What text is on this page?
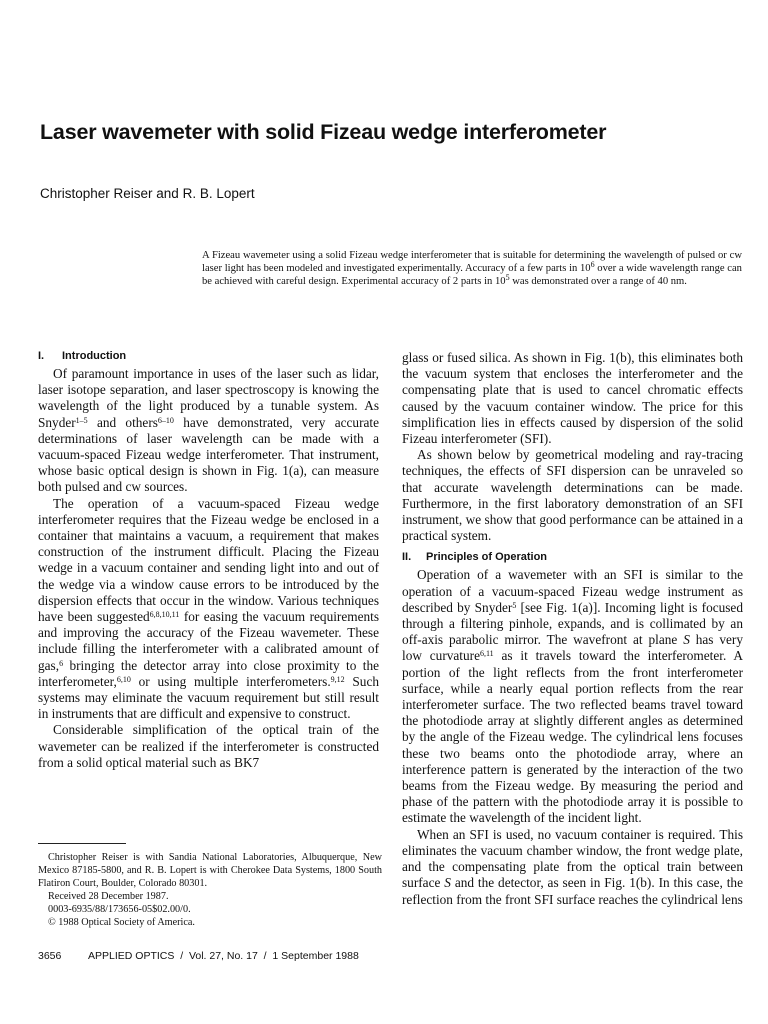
Laser wavemeter with solid Fizeau wedge interferometer
Christopher Reiser and R. B. Lopert

A Fizeau wavemeter using a solid Fizeau wedge interferometer that is suitable for determining the wavelength of pulsed or cw laser light has been modeled and investigated experimentally. Accuracy of a few parts in $10^6$ over a wide wavelength range can be achieved with careful design. Experimental accuracy of 2 parts in $10^5$ was demonstrated over a range of 40 nm.

I. Introduction

Of paramount importance in uses of the laser such as lidar, laser isotope separation, and laser spectroscopy is knowing the wavelength of the light produced by a tunable system. As Snyder$^{1-5}$ and others$^{6-10}$ have demonstrated, very accurate determinations of laser wavelength can be made with a vacuum-spaced Fizeau wedge interferometer. That instrument, whose basic optical design is shown in Fig. 1(a), can measure both pulsed and cw sources.

The operation of a vacuum-spaced Fizeau wedge interferometer requires that the Fizeau wedge be enclosed in a container that maintains a vacuum, a requirement that makes construction of the instrument difficult. Placing the Fizeau wedge in a vacuum container and sending light into and out of the wedge via a window cause errors to be introduced by the dispersion effects that occur in the window. Various techniques have been suggested$^{6,8,10,11}$ for easing the vacuum requirements and improving the accuracy of the Fizeau wavemeter. These include filling the interferometer with a calibrated amount of gas,$^6$ bringing the detector array into close proximity to the interferometer,$^{6,10}$ or using multiple interferometers.$^{9,12}$ Such systems may eliminate the vacuum requirement but still result in instruments that are difficult and expensive to construct.

Considerable simplification of the optical train of the wavemeter can be realized if the interferometer is constructed from a solid optical material such as BK7

glass or fused silica. As shown in Fig. 1(b), this eliminates both the vacuum system that encloses the interferometer and the compensating plate that is used to cancel chromatic effects caused by the vacuum container window. The price for this simplification lies in effects caused by dispersion of the solid Fizeau interferometer (SFI).

As shown below by geometrical modeling and ray-tracing techniques, the effects of SFI dispersion can be unraveled so that accurate wavelength determinations can be made. Furthermore, in the first laboratory demonstration of an SFI instrument, we show that good performance can be attained in a practical system.

II. Principles of Operation

Operation of a wavemeter with an SFI is similar to the operation of a vacuum-spaced Fizeau wedge instrument as described by Snyder$^5$ [see Fig. 1(a)]. Incoming light is focused through a filtering pinhole, expands, and is collimated by an off-axis parabolic mirror. The wavefront at plane S has very low curvature$^{6,11}$ as it travels toward the interferometer. A portion of the light reflects from the front interferometer surface, while a nearly equal portion reflects from the rear interferometer surface. The two reflected beams travel toward the photodiode array at slightly different angles as determined by the angle of the Fizeau wedge. The cylindrical lens focuses these two beams onto the photodiode array, where an interference pattern is generated by the interaction of the two beams from the Fizeau wedge. By measuring the period and phase of the pattern with the photodiode array it is possible to estimate the wavelength of the incident light.

When an SFI is used, no vacuum container is required. This eliminates the vacuum chamber window, the front wedge plate, and the compensating plate from the optical train between surface S and the detector, as seen in Fig. 1(b). In this case, the reflection from the front SFI surface reaches the cylindrical lens

Christopher Reiser is with Sandia National Laboratories, Albuquerque, New Mexico 87185-5800, and R. B. Lopert is with Cherokee Data Systems, 1800 South Flatiron Court, Boulder, Colorado 80301.

Received 28 December 1987.

0003-6935/88/173656-05$02.00/0.

© 1988 Optical Society of America.

3656	APPLIED OPTICS  /  Vol. 27, No. 17  /  1 September 1988
